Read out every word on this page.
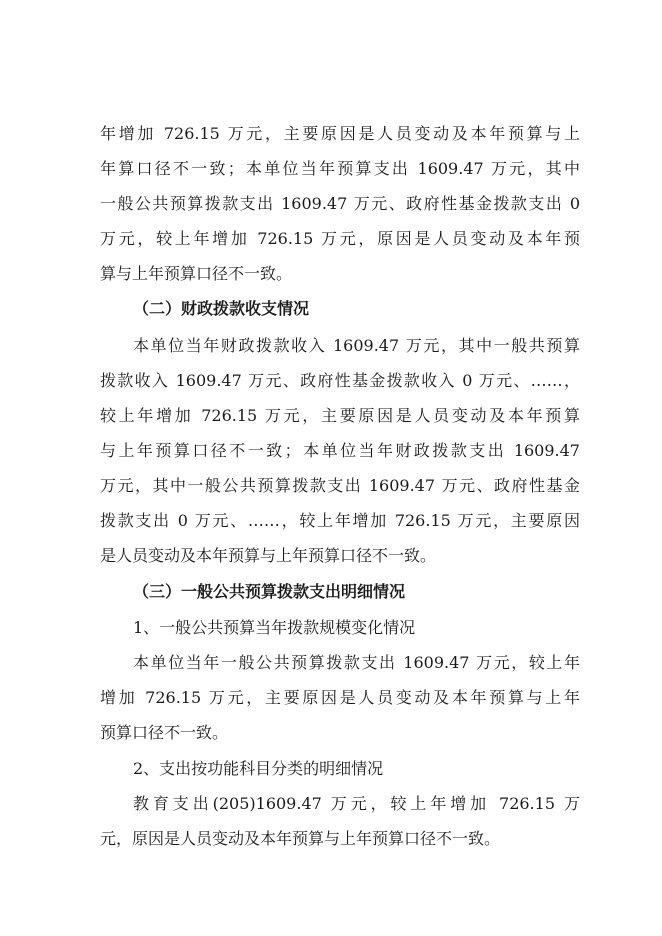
年增加 726.15 万元，主要原因是人员变动及本年预算与上
年算口径不一致；本单位当年预算支出 1609.47 万元，其中
一般公共预算拨款支出 1609.47 万元、政府性基金拨款支出 0
万元，较上年增加 726.15 万元，原因是人员变动及本年预
算与上年预算口径不一致。
（二）财政拨款收支情况
本单位当年财政拨款收入 1609.47 万元，其中一般共预算
拨款收入 1609.47 万元、政府性基金拨款收入 0 万元、……，
较上年增加 726.15 万元，主要原因是人员变动及本年预算
与上年预算口径不一致；本单位当年财政拨款支出 1609.47
万元，其中一般公共预算拨款支出 1609.47 万元、政府性基金
拨款支出 0 万元、……，较上年增加 726.15 万元，主要原因
是人员变动及本年预算与上年预算口径不一致。
（三）一般公共预算拨款支出明细情况
1、一般公共预算当年拨款规模变化情况
本单位当年一般公共预算拨款支出 1609.47 万元，较上年
增加 726.15 万元，主要原因是人员变动及本年预算与上年
预算口径不一致。
2、支出按功能科目分类的明细情况
教育支出(205)1609.47 万元，较上年增加 726.15 万
元，原因是人员变动及本年预算与上年预算口径不一致。
